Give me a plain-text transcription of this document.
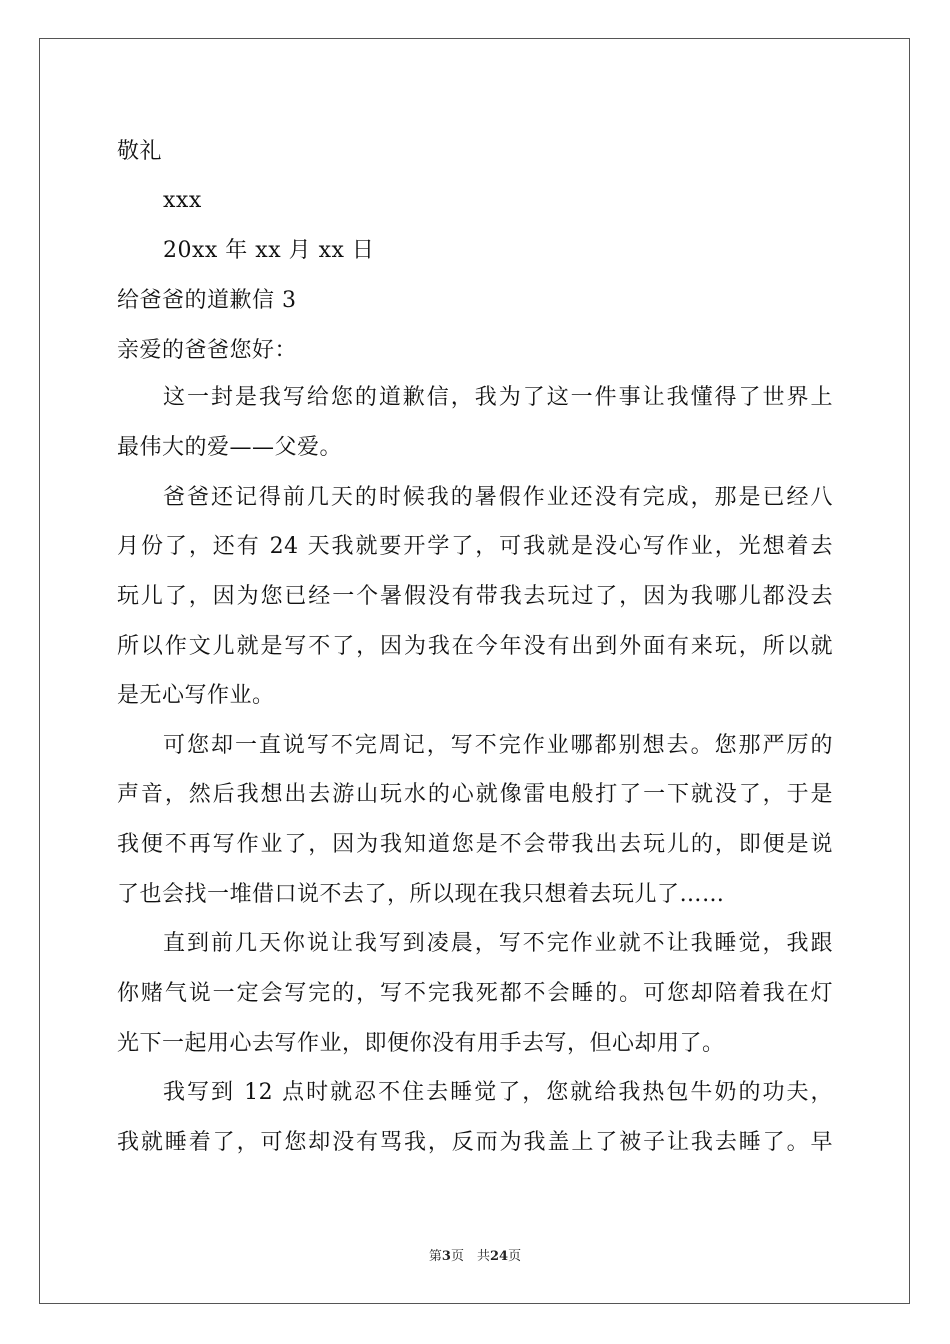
敬礼
xxx
20xx 年 xx 月 xx 日
给爸爸的道歉信 3
亲爱的爸爸您好：
这一封是我写给您的道歉信，我为了这一件事让我懂得了世界上
最伟大的爱——父爱。
爸爸还记得前几天的时候我的暑假作业还没有完成，那是已经八
月份了，还有 24 天我就要开学了，可我就是没心写作业，光想着去
玩儿了，因为您已经一个暑假没有带我去玩过了，因为我哪儿都没去
所以作文儿就是写不了，因为我在今年没有出到外面有来玩，所以就
是无心写作业。
可您却一直说写不完周记，写不完作业哪都别想去。您那严厉的
声音，然后我想出去游山玩水的心就像雷电般打了一下就没了，于是
我便不再写作业了，因为我知道您是不会带我出去玩儿的，即便是说
了也会找一堆借口说不去了，所以现在我只想着去玩儿了……
直到前几天你说让我写到凌晨，写不完作业就不让我睡觉，我跟
你赌气说一定会写完的，写不完我死都不会睡的。可您却陪着我在灯
光下一起用心去写作业，即便你没有用手去写，但心却用了。
我写到 12 点时就忍不住去睡觉了，您就给我热包牛奶的功夫，
我就睡着了，可您却没有骂我，反而为我盖上了被子让我去睡了。早
第3页　共24页
